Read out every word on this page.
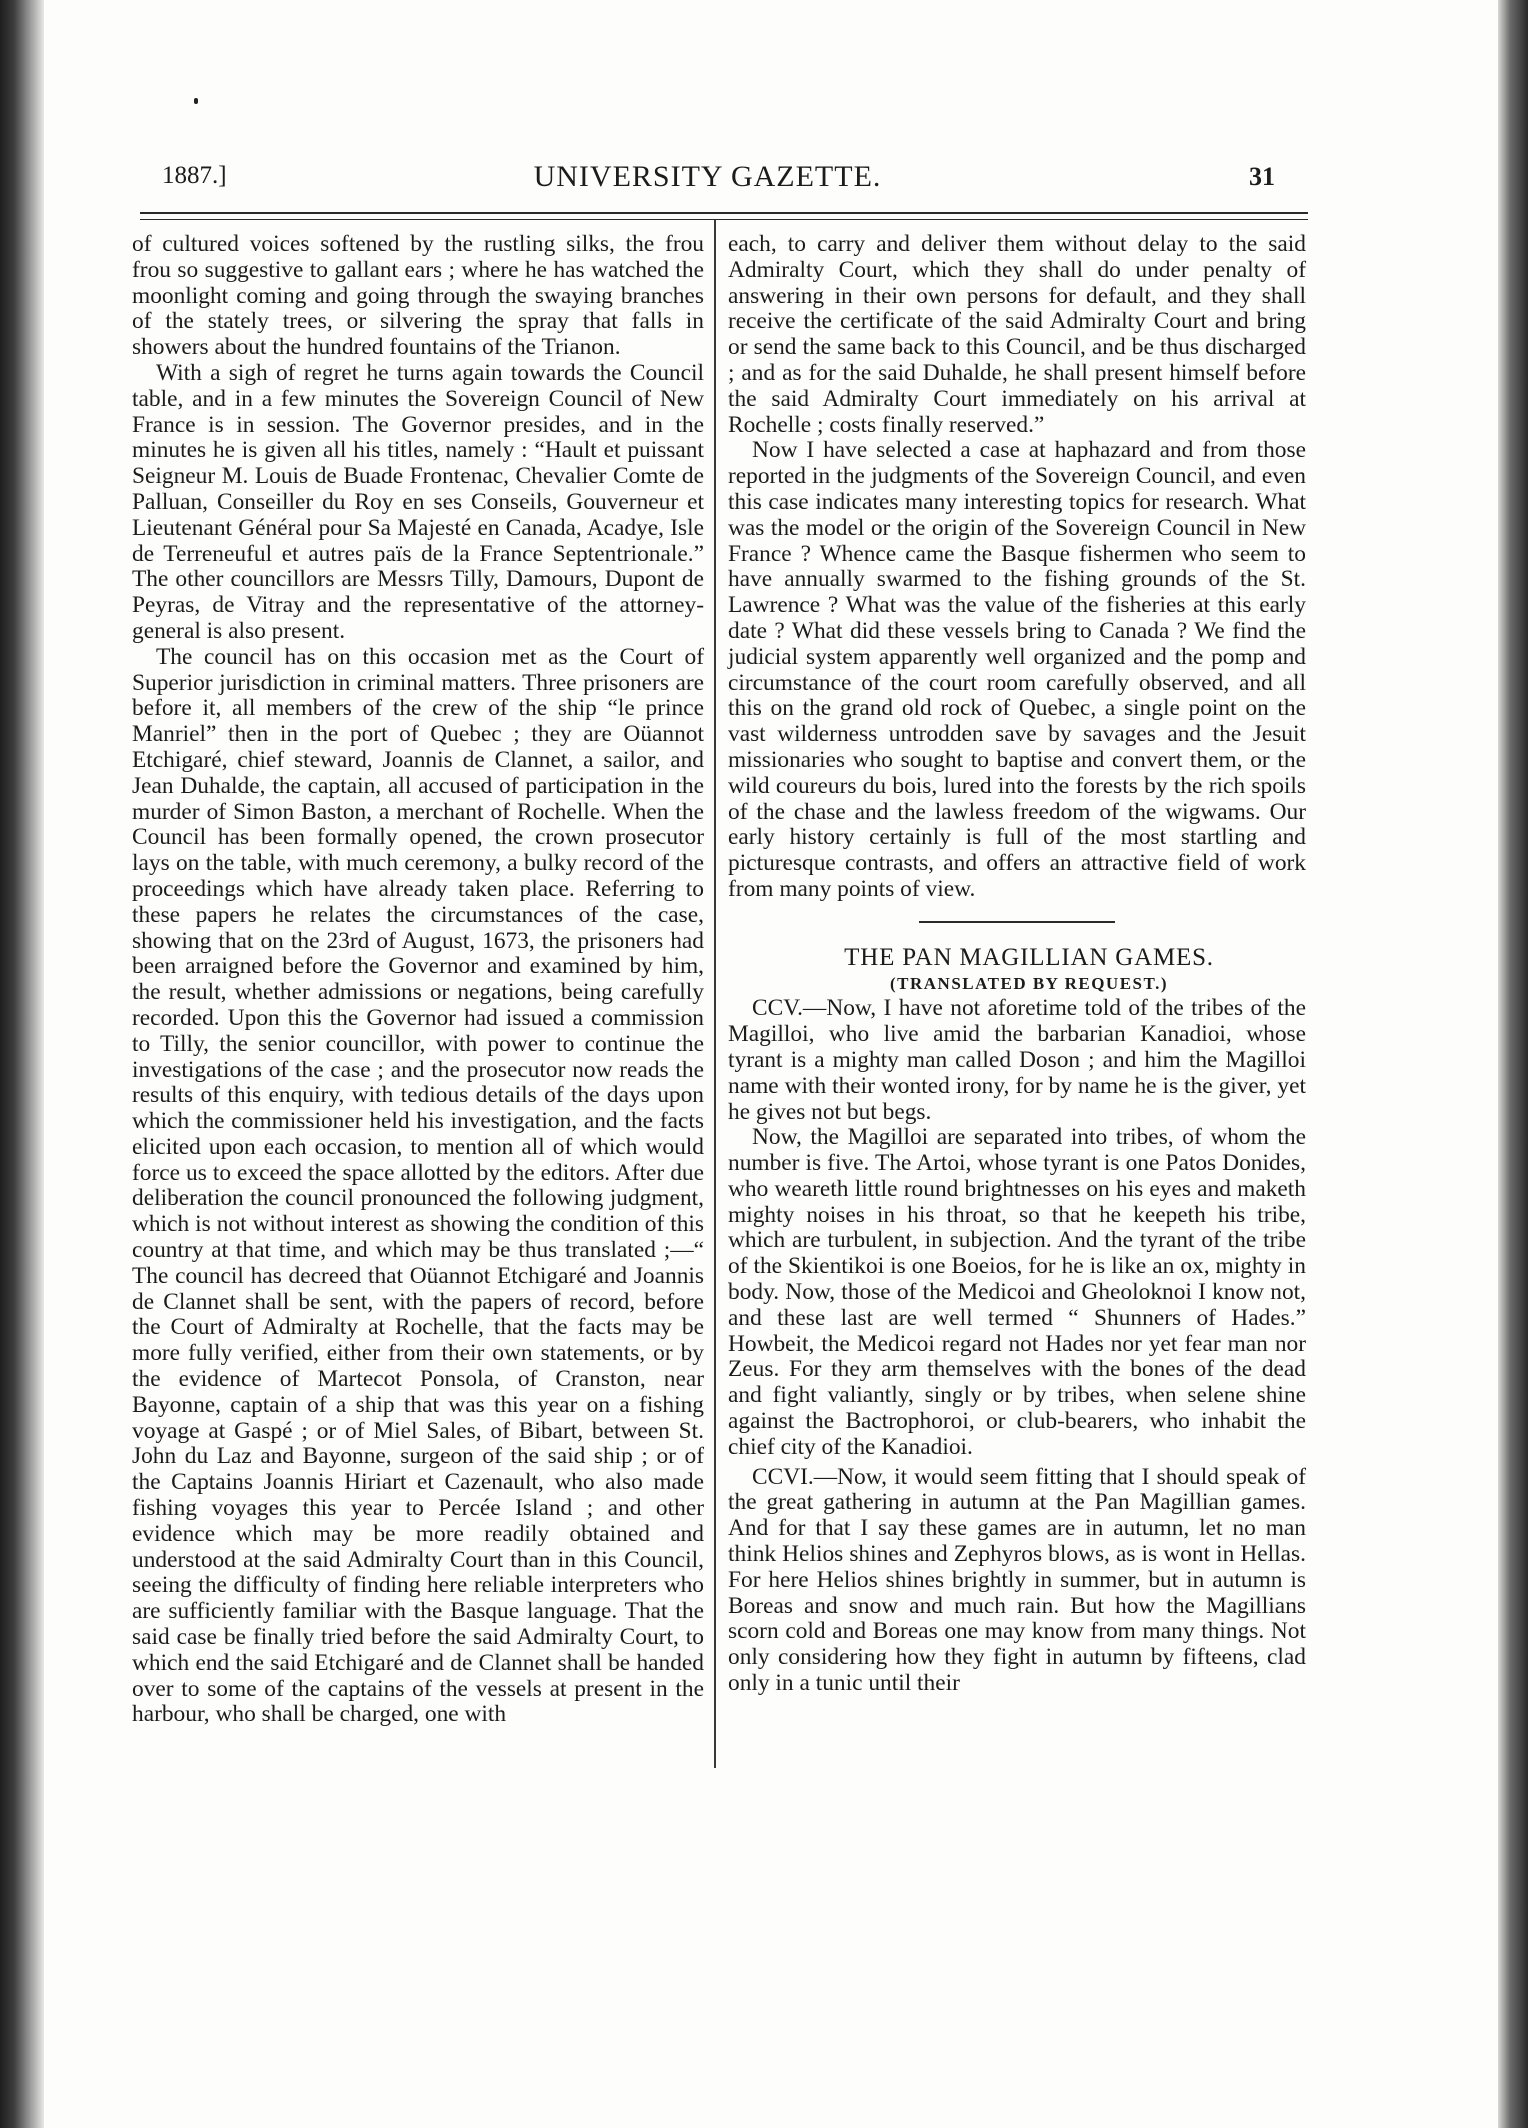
1887.]	UNIVERSITY GAZETTE.	31

of cultured voices softened by the rustling silks, the frou frou so suggestive to gallant ears ; where he has watched the moonlight coming and going through the swaying branches of the stately trees, or silvering the spray that falls in showers about the hundred fountains of the Trianon.

With a sigh of regret he turns again towards the Council table, and in a few minutes the Sovereign Council of New France is in session. The Governor presides, and in the minutes he is given all his titles, namely : “Hault et puissant Seigneur M. Louis de Buade Frontenac, Chevalier Comte de Palluan, Conseiller du Roy en ses Conseils, Gouverneur et Lieutenant Général pour Sa Majesté en Canada, Acadye, Isle de Terreneuful et autres païs de la France Septentrionale.” The other councillors are Messrs Tilly, Damours, Dupont de Peyras, de Vitray and the representative of the attorney-general is also present.

The council has on this occasion met as the Court of Superior jurisdiction in criminal matters. Three prisoners are before it, all members of the crew of the ship “le prince Manriel” then in the port of Quebec ; they are Oüannot Etchigaré, chief steward, Joannis de Clannet, a sailor, and Jean Duhalde, the captain, all accused of participation in the murder of Simon Baston, a merchant of Rochelle. When the Council has been formally opened, the crown prosecutor lays on the table, with much ceremony, a bulky record of the proceedings which have already taken place. Referring to these papers he relates the circumstances of the case, showing that on the 23rd of August, 1673, the prisoners had been arraigned before the Governor and examined by him, the result, whether admissions or negations, being carefully recorded. Upon this the Governor had issued a commission to Tilly, the senior councillor, with power to continue the investigations of the case ; and the prosecutor now reads the results of this enquiry, with tedious details of the days upon which the commissioner held his investigation, and the facts elicited upon each occasion, to mention all of which would force us to exceed the space allotted by the editors. After due deliberation the council pronounced the following judgment, which is not without interest as showing the condition of this country at that time, and which may be thus translated ;—“ The council has decreed that Oüannot Etchigaré and Joannis de Clannet shall be sent, with the papers of record, before the Court of Admiralty at Rochelle, that the facts may be more fully verified, either from their own statements, or by the evidence of Martecot Ponsola, of Cranston, near Bayonne, captain of a ship that was this year on a fishing voyage at Gaspé ; or of Miel Sales, of Bibart, between St. John du Laz and Bayonne, surgeon of the said ship ; or of the Captains Joannis Hiriart et Cazenault, who also made fishing voyages this year to Percée Island ; and other evidence which may be more readily obtained and understood at the said Admiralty Court than in this Council, seeing the difficulty of finding here reliable interpreters who are sufficiently familiar with the Basque language. That the said case be finally tried before the said Admiralty Court, to which end the said Etchigaré and de Clannet shall be handed over to some of the captains of the vessels at present in the harbour, who shall be charged, one with

each, to carry and deliver them without delay to the said Admiralty Court, which they shall do under penalty of answering in their own persons for default, and they shall receive the certificate of the said Admiralty Court and bring or send the same back to this Council, and be thus discharged ; and as for the said Duhalde, he shall present himself before the said Admiralty Court immediately on his arrival at Rochelle ; costs finally reserved.”

Now I have selected a case at haphazard and from those reported in the judgments of the Sovereign Council, and even this case indicates many interesting topics for research. What was the model or the origin of the Sovereign Council in New France ? Whence came the Basque fishermen who seem to have annually swarmed to the fishing grounds of the St. Lawrence ? What was the value of the fisheries at this early date ? What did these vessels bring to Canada ? We find the judicial system apparently well organized and the pomp and circumstance of the court room carefully observed, and all this on the grand old rock of Quebec, a single point on the vast wilderness untrodden save by savages and the Jesuit missionaries who sought to baptise and convert them, or the wild coureurs du bois, lured into the forests by the rich spoils of the chase and the lawless freedom of the wigwams. Our early history certainly is full of the most startling and picturesque contrasts, and offers an attractive field of work from many points of view.

THE PAN MAGILLIAN GAMES.

(TRANSLATED BY REQUEST.)

CCV.—Now, I have not aforetime told of the tribes of the Magilloi, who live amid the barbarian Kanadioi, whose tyrant is a mighty man called Doson ; and him the Magilloi name with their wonted irony, for by name he is the giver, yet he gives not but begs.

Now, the Magilloi are separated into tribes, of whom the number is five. The Artoi, whose tyrant is one Patos Donides, who weareth little round brightnesses on his eyes and maketh mighty noises in his throat, so that he keepeth his tribe, which are turbulent, in subjection. And the tyrant of the tribe of the Skientikoi is one Boeios, for he is like an ox, mighty in body. Now, those of the Medicoi and Gheoloknoi I know not, and these last are well termed “ Shunners of Hades.” Howbeit, the Medicoi regard not Hades nor yet fear man nor Zeus. For they arm themselves with the bones of the dead and fight valiantly, singly or by tribes, when selene shine against the Bactrophoroi, or club-bearers, who inhabit the chief city of the Kanadioi.

CCVI.—Now, it would seem fitting that I should speak of the great gathering in autumn at the Pan Magillian games. And for that I say these games are in autumn, let no man think Helios shines and Zephyros blows, as is wont in Hellas. For here Helios shines brightly in summer, but in autumn is Boreas and snow and much rain. But how the Magillians scorn cold and Boreas one may know from many things. Not only considering how they fight in autumn by fifteens, clad only in a tunic until their
